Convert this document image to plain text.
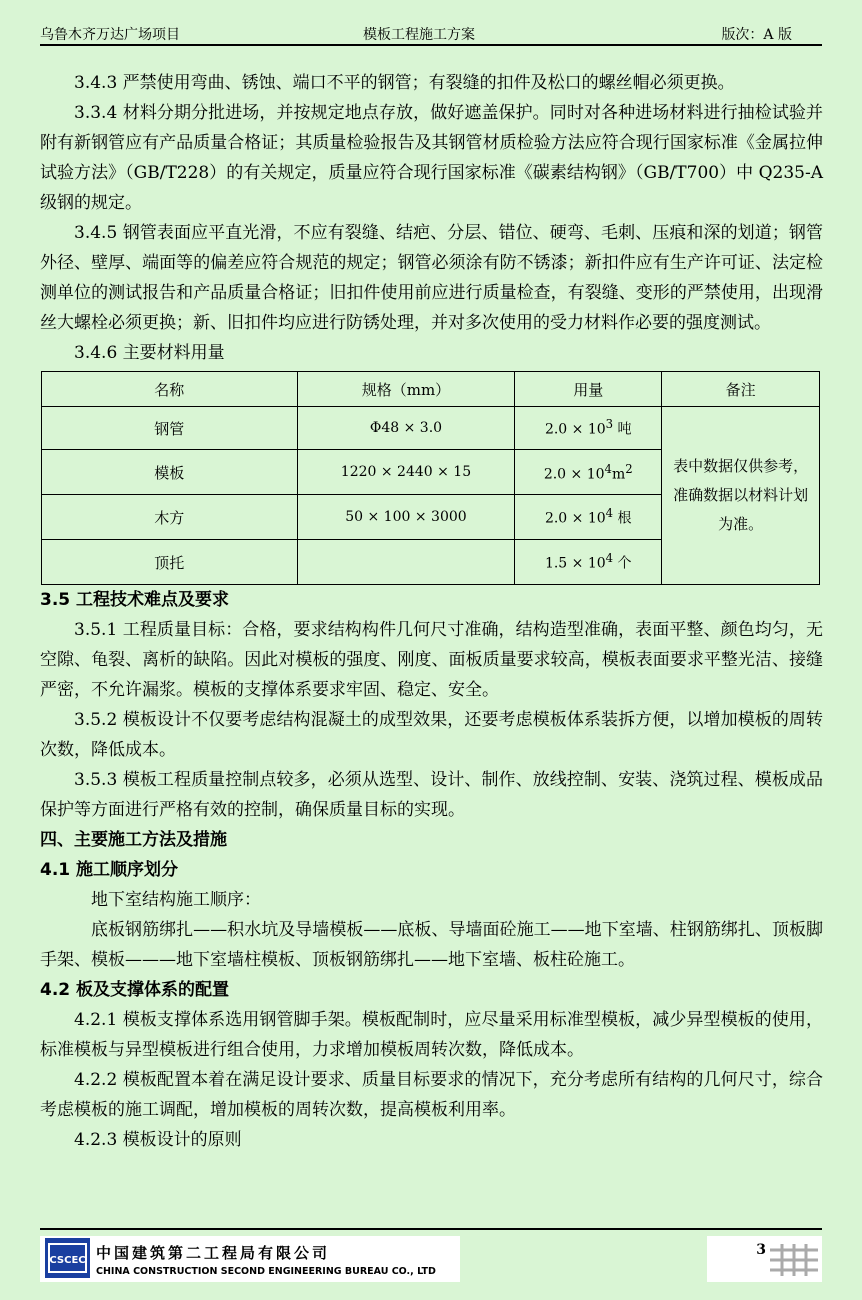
乌鲁木齐万达广场项目	模板工程施工方案	版次：A 版

3.4.3 严禁使用弯曲、锈蚀、端口不平的钢管；有裂缝的扣件及松口的螺丝帽必须更换。

3.3.4 材料分期分批进场，并按规定地点存放，做好遮盖保护。同时对各种进场材料进行抽检试验并附有新钢管应有产品质量合格证；其质量检验报告及其钢管材质检验方法应符合现行国家标准《金属拉伸试验方法》（GB/T228）的有关规定，质量应符合现行国家标准《碳素结构钢》（GB/T700）中 Q235-A 级钢的规定。

3.4.5 钢管表面应平直光滑，不应有裂缝、结疤、分层、错位、硬弯、毛刺、压痕和深的划道；钢管外径、壁厚、端面等的偏差应符合规范的规定；钢管必须涂有防不锈漆；新扣件应有生产许可证、法定检测单位的测试报告和产品质量合格证；旧扣件使用前应进行质量检查，有裂缝、变形的严禁使用，出现滑丝大螺栓必须更换；新、旧扣件均应进行防锈处理，并对多次使用的受力材料作必要的强度测试。

3.4.6 主要材料用量

名称	规格（mm）	用量	备注
钢管	Φ48 × 3.0	$2.0 \times 10^3$ 吨	表中数据仅供参考，准确数据以材料计划为准。
模板	1220 × 2440 × 15	$2.0 \times 10^4m^2$
木方	50 × 100 × 3000	$2.0 \times 10^4$ 根	
顶托		$1.5 \times 10^4$ 个	

3.5 工程技术难点及要求

3.5.1 工程质量目标：合格，要求结构构件几何尺寸准确，结构造型准确，表面平整、颜色均匀，无空隙、龟裂、离析的缺陷。因此对模板的强度、刚度、面板质量要求较高，模板表面要求平整光洁、接缝严密，不允许漏浆。模板的支撑体系要求牢固、稳定、安全。

3.5.2 模板设计不仅要考虑结构混凝土的成型效果，还要考虑模板体系装拆方便，以增加模板的周转次数，降低成本。

3.5.3 模板工程质量控制点较多，必须从选型、设计、制作、放线控制、安装、浇筑过程、模板成品保护等方面进行严格有效的控制，确保质量目标的实现。

四、主要施工方法及措施

4.1 施工顺序划分

地下室结构施工顺序：

底板钢筋绑扎——积水坑及导墙模板——底板、导墙面砼施工——地下室墙、柱钢筋绑扎、顶板脚手架、模板———地下室墙柱模板、顶板钢筋绑扎——地下室墙、板柱砼施工。

4.2 板及支撑体系的配置

4.2.1 模板支撑体系选用钢管脚手架。模板配制时，应尽量采用标准型模板，减少异型模板的使用，标准模板与异型模板进行组合使用，力求增加模板周转次数，降低成本。

4.2.2 模板配置本着在满足设计要求、质量目标要求的情况下，充分考虑所有结构的几何尺寸，综合考虑模板的施工调配，增加模板的周转次数，提高模板利用率。

4.2.3 模板设计的原则

CSCEC 中国建筑第二工程局有限公司
CHINA CONSTRUCTION SECOND ENGINEERING BUREAU CO., LTD
3
